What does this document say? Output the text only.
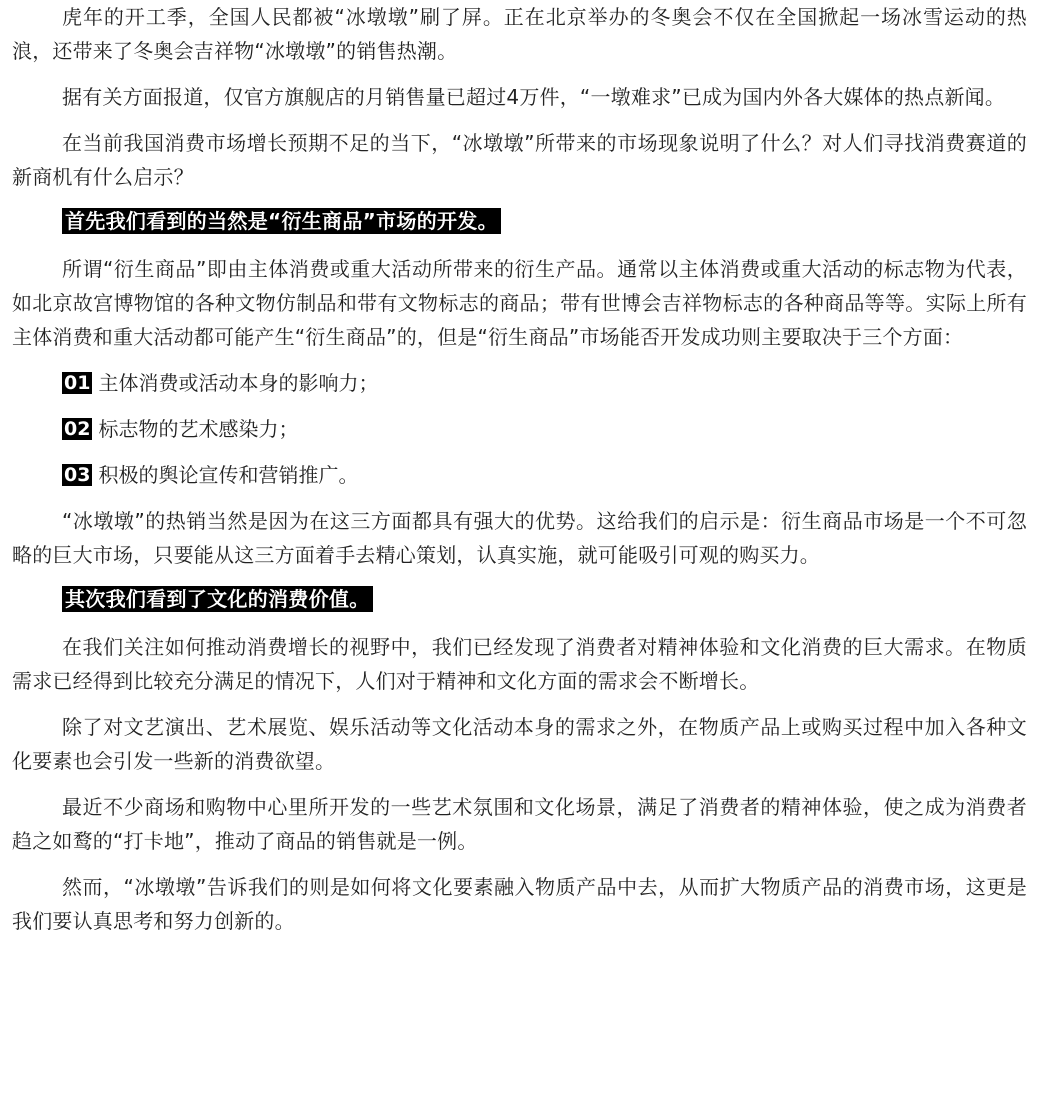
虎年的开工季，全国人民都被“冰墩墩”刷了屏。正在北京举办的冬奥会不仅在全国掀起一场冰雪运动的热浪，还带来了冬奥会吉祥物“冰墩墩”的销售热潮。

据有关方面报道，仅官方旗舰店的月销售量已超过4万件，“一墩难求”已成为国内外各大媒体的热点新闻。

在当前我国消费市场增长预期不足的当下，“冰墩墩”所带来的市场现象说明了什么？对人们寻找消费赛道的新商机有什么启示？

首先我们看到的当然是“衍生商品”市场的开发。

所谓“衍生商品”即由主体消费或重大活动所带来的衍生产品。通常以主体消费或重大活动的标志物为代表，如北京故宫博物馆的各种文物仿制品和带有文物标志的商品；带有世博会吉祥物标志的各种商品等等。实际上所有主体消费和重大活动都可能产生“衍生商品”的，但是“衍生商品”市场能否开发成功则主要取决于三个方面：

01 主体消费或活动本身的影响力；
02 标志物的艺术感染力；
03 积极的舆论宣传和营销推广。

“冰墩墩”的热销当然是因为在这三方面都具有强大的优势。这给我们的启示是：衍生商品市场是一个不可忽略的巨大市场，只要能从这三方面着手去精心策划，认真实施，就可能吸引可观的购买力。

其次我们看到了文化的消费价值。

在我们关注如何推动消费增长的视野中，我们已经发现了消费者对精神体验和文化消费的巨大需求。在物质需求已经得到比较充分满足的情况下，人们对于精神和文化方面的需求会不断增长。

除了对文艺演出、艺术展览、娱乐活动等文化活动本身的需求之外，在物质产品上或购买过程中加入各种文化要素也会引发一些新的消费欲望。

最近不少商场和购物中心里所开发的一些艺术氛围和文化场景，满足了消费者的精神体验，使之成为消费者趋之如鹜的“打卡地”，推动了商品的销售就是一例。

然而，“冰墩墩”告诉我们的则是如何将文化要素融入物质产品中去，从而扩大物质产品的消费市场，这更是我们要认真思考和努力创新的。
